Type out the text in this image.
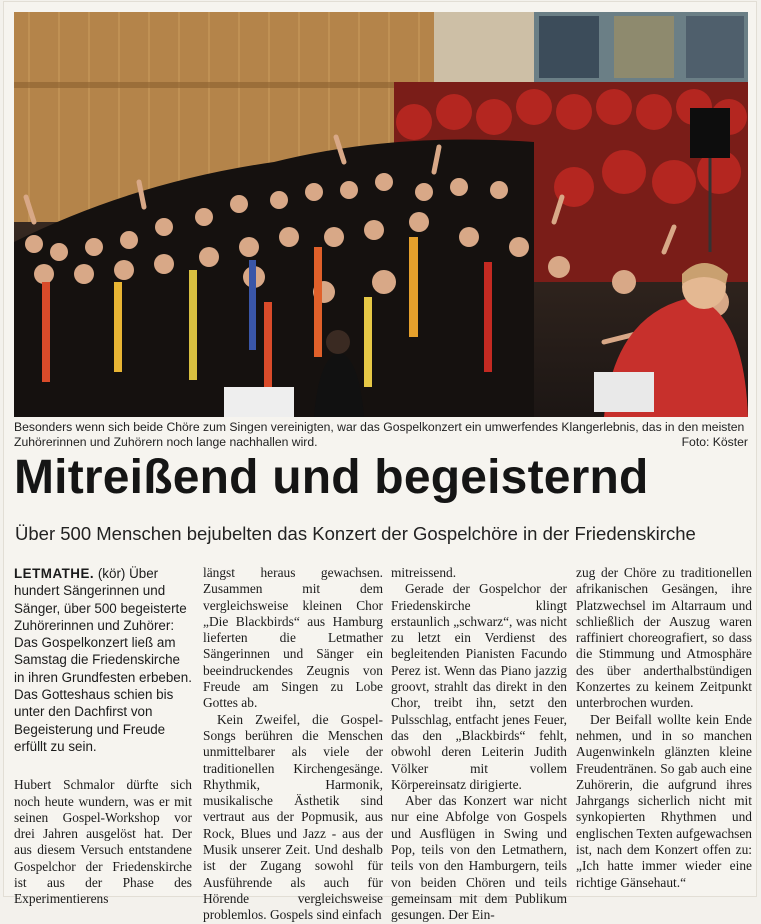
Besonders wenn sich beide Chöre zum Singen vereinigten, war das Gospelkonzert ein umwerfendes Klangerlebnis, das in den meisten Zuhörerinnen und Zuhörern noch lange nachhallen wird.	Foto: Köster
Mitreißend und begeisternd
Über 500 Menschen bejubelten das Konzert der Gospelchöre in der Friedenskirche

LETMATHE. (kör) Über hundert Sängerinnen und Sänger, über 500 begeisterte Zuhörerinnen und Zuhörer: Das Gospelkonzert ließ am Samstag die Friedenskirche in ihren Grundfesten erbeben. Das Gotteshaus schien bis unter den Dachfirst von Begeisterung und Freude erfüllt zu sein.

Hubert Schmalor dürfte sich noch heute wundern, was er mit seinen Gospel-Workshop vor drei Jahren ausgelöst hat. Der aus diesem Versuch entstandene Gospelchor der Friedenskirche ist aus der Phase des Experimentierens

längst heraus gewachsen. Zusammen mit dem vergleichsweise kleinen Chor „Die Blackbirds“ aus Hamburg lieferten die Letmather Sängerinnen und Sänger ein beeindruckendes Zeugnis von Freude am Singen zu Lobe Gottes ab.

Kein Zweifel, die Gospel-Songs berühren die Menschen unmittelbarer als viele der traditionellen Kirchengesänge. Rhythmik, Harmonik, musikalische Ästhetik sind vertraut aus der Popmusik, aus Rock, Blues und Jazz - aus der Musik unserer Zeit. Und deshalb ist der Zugang sowohl für Ausführende als auch für Hörende vergleichsweise problemlos. Gospels sind einfach

mitreissend.

Gerade der Gospelchor der Friedenskirche klingt erstaunlich „schwarz“, was nicht zu letzt ein Verdienst des begleitenden Pianisten Facundo Perez ist. Wenn das Piano jazzig groovt, strahlt das direkt in den Chor, treibt ihn, setzt den Pulsschlag, entfacht jenes Feuer, das den „Blackbirds“ fehlt, obwohl deren Leiterin Judith Völker mit vollem Körpereinsatz dirigierte.

Aber das Konzert war nicht nur eine Abfolge von Gospels und Ausflügen in Swing und Pop, teils von den Letmathern, teils von den Hamburgern, teils von beiden Chören und teils gemeinsam mit dem Publikum gesungen. Der Ein-

zug der Chöre zu traditionellen afrikanischen Gesängen, ihre Platzwechsel im Altarraum und schließlich der Auszug waren raffiniert choreografiert, so dass die Stimmung und Atmosphäre des über anderthalbstündigen Konzertes zu keinem Zeitpunkt unterbrochen wurden.

Der Beifall wollte kein Ende nehmen, und in so manchen Augenwinkeln glänzten kleine Freudentränen. So gab auch eine Zuhörerin, die aufgrund ihres Jahrgangs sicherlich nicht mit synkopierten Rhythmen und englischen Texten aufgewachsen ist, nach dem Konzert offen zu: „Ich hatte immer wieder eine richtige Gänsehaut.“
